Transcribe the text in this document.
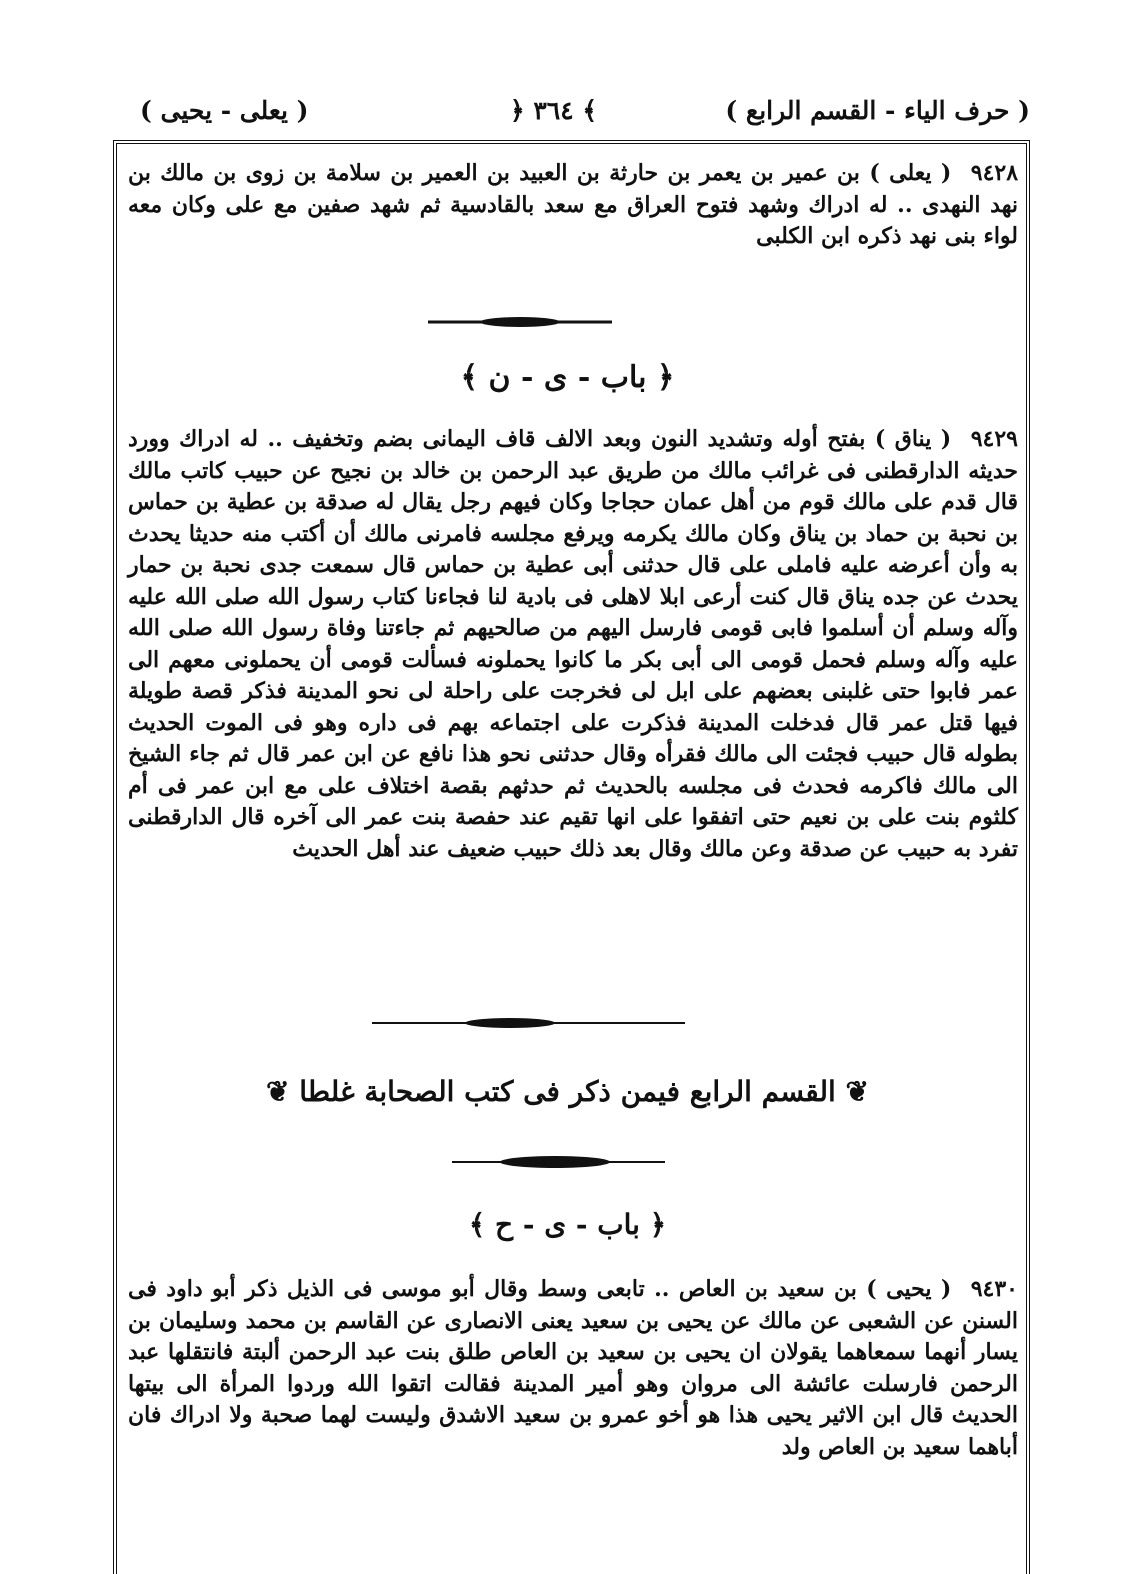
( يعلى - يحيى )	﴿ ٣٦٤ ﴾	( حرف الياء - القسم الرابع )
٩٤٢٨ ( يعلى ) بن عمير بن يعمر بن حارثة بن العبيد بن العمير بن سلامة بن زوى بن مالك بن نهد النهدى .. له ادراك وشهد فتوح العراق مع سعد بالقادسية ثم شهد صفين مع على وكان معه لواء بنى نهد ذكره ابن الكلبى
﴿ باب - ى - ن ﴾
٩٤٢٩ ( يناق ) بفتح أوله وتشديد النون وبعد الالف قاف اليمانى بضم وتخفيف .. له ادراك وورد حديثه الدارقطنى فى غرائب مالك من طريق عبد الرحمن بن خالد بن نجيح عن حبيب كاتب مالك قال قدم على مالك قوم من أهل عمان حجاجا وكان فيهم رجل يقال له صدقة بن عطية بن حماس بن نحبة بن حماد بن يناق وكان مالك يكرمه ويرفع مجلسه فامرنى مالك أن أكتب منه حديثا يحدث به وأن أعرضه عليه فاملى على قال حدثنى أبى عطية بن حماس قال سمعت جدى نحبة بن حمار يحدث عن جده يناق قال كنت أرعى ابلا لاهلى فى بادية لنا فجاءنا كتاب رسول الله صلى الله عليه وآله وسلم أن أسلموا فابى قومى فارسل اليهم من صالحيهم ثم جاءتنا وفاة رسول الله صلى الله عليه وآله وسلم فحمل قومى الى أبى بكر ما كانوا يحملونه فسألت قومى أن يحملونى معهم الى عمر فابوا حتى غلبنى بعضهم على ابل لى فخرجت على راحلة لى نحو المدينة فذكر قصة طويلة فيها قتل عمر قال فدخلت المدينة فذكرت على اجتماعه بهم فى داره وهو فى الموت الحديث بطوله قال حبيب فجئت الى مالك فقرأه وقال حدثنى نحو هذا نافع عن ابن عمر قال ثم جاء الشيخ الى مالك فاكرمه فحدث فى مجلسه بالحديث ثم حدثهم بقصة اختلاف على مع ابن عمر فى أم كلثوم بنت على بن نعيم حتى اتفقوا على انها تقيم عند حفصة بنت عمر الى آخره قال الدارقطنى تفرد به حبيب عن صدقة وعن مالك وقال بعد ذلك حبيب ضعيف عند أهل الحديث
❦ القسم الرابع فيمن ذكر فى كتب الصحابة غلطا ❦
﴿ باب - ى - ح ﴾
٩٤٣٠ ( يحيى ) بن سعيد بن العاص .. تابعى وسط وقال أبو موسى فى الذيل ذكر أبو داود فى السنن عن الشعبى عن مالك عن يحيى بن سعيد يعنى الانصارى عن القاسم بن محمد وسليمان بن يسار أنهما سمعاهما يقولان ان يحيى بن سعيد بن العاص طلق بنت عبد الرحمن ألبتة فانتقلها عبد الرحمن فارسلت عائشة الى مروان وهو أمير المدينة فقالت اتقوا الله وردوا المرأة الى بيتها الحديث قال ابن الاثير يحيى هذا هو أخو عمرو بن سعيد الاشدق وليست لهما صحبة ولا ادراك فان أباهما سعيد بن العاص ولد
